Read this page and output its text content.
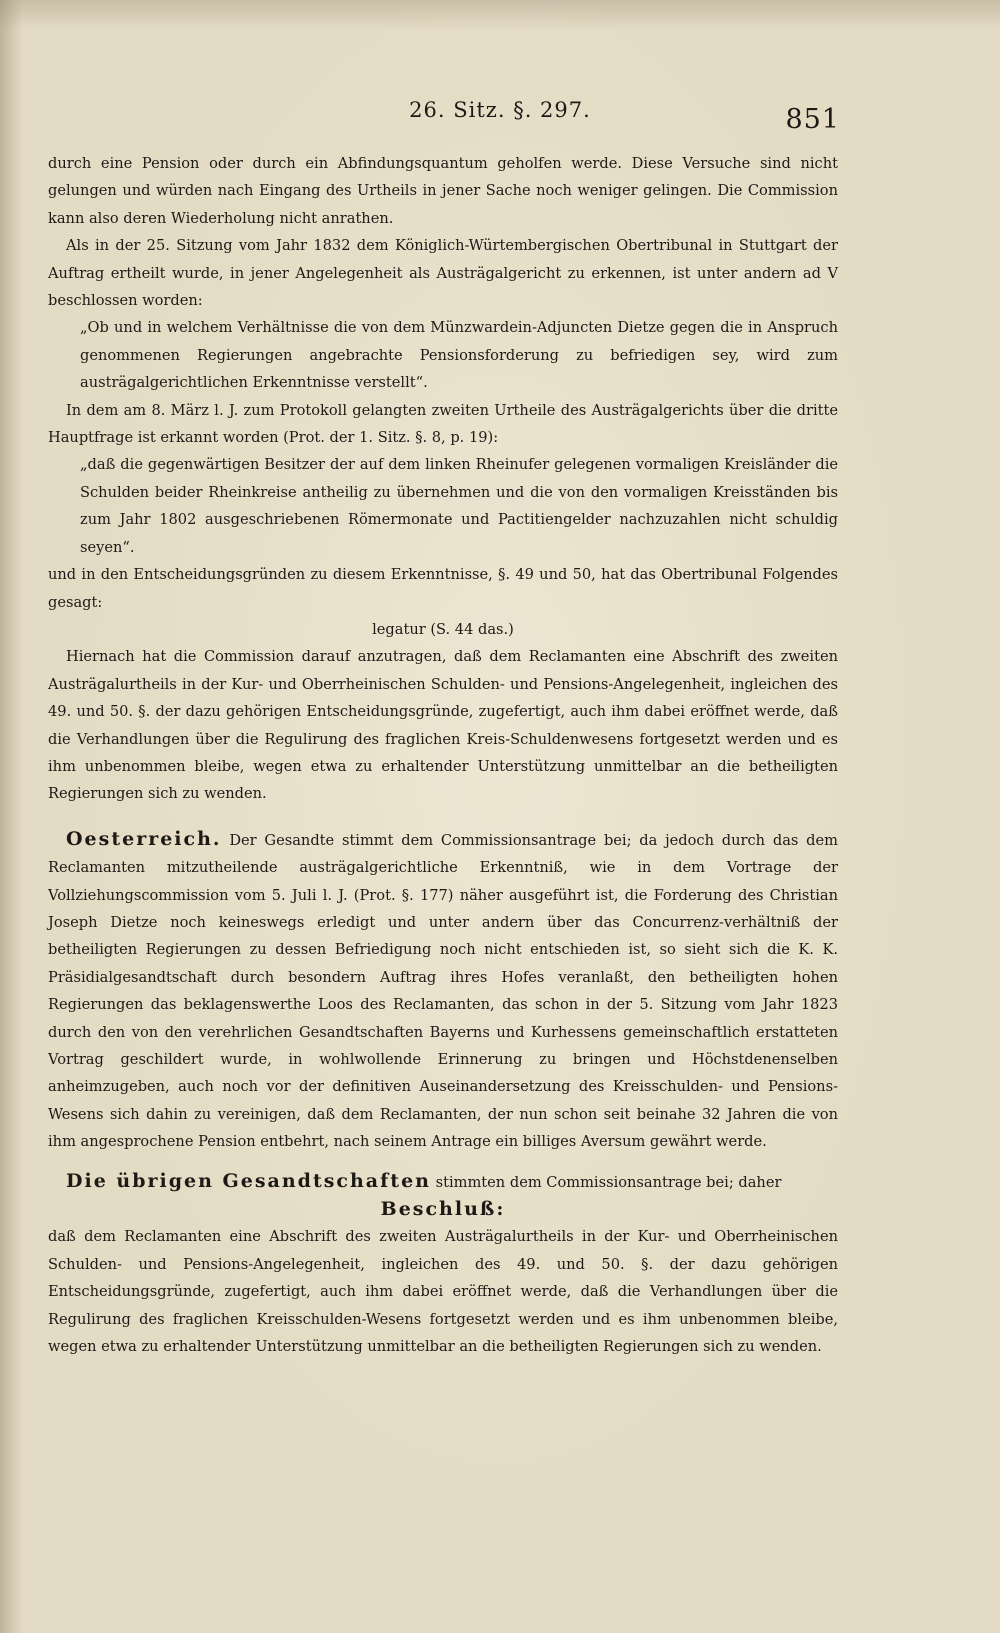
26. Sitz. §. 297.	851

durch eine Pension oder durch ein Abfindungsquantum geholfen werde. Diese Versuche sind nicht gelungen und würden nach Eingang des Urtheils in jener Sache noch weniger gelingen. Die Commission kann also deren Wiederholung nicht anrathen.

Als in der 25. Sitzung vom Jahr 1832 dem Königlich-Würtembergischen Obertribunal in Stuttgart der Auftrag ertheilt wurde, in jener Angelegenheit als Austrägalgericht zu erkennen, ist unter andern ad V beschlossen worden:

„Ob und in welchem Verhältnisse die von dem Münzwardein-Adjuncten Dietze gegen die in Anspruch genommenen Regierungen angebrachte Pensionsforderung zu befriedigen sey, wird zum austrägalgerichtlichen Erkenntnisse verstellt“.

In dem am 8. März l. J. zum Protokoll gelangten zweiten Urtheile des Austrägalgerichts über die dritte Hauptfrage ist erkannt worden (Prot. der 1. Sitz. §. 8, p. 19):

„daß die gegenwärtigen Besitzer der auf dem linken Rheinufer gelegenen vormaligen Kreisländer die Schulden beider Rheinkreise antheilig zu übernehmen und die von den vormaligen Kreisständen bis zum Jahr 1802 ausgeschriebenen Römermonate und Pactitiengelder nachzuzahlen nicht schuldig seyen“.

und in den Entscheidungsgründen zu diesem Erkenntnisse, §. 49 und 50, hat das Obertribunal Folgendes gesagt:

legatur (S. 44 das.)

Hiernach hat die Commission darauf anzutragen, daß dem Reclamanten eine Abschrift des zweiten Austrägalurtheils in der Kur- und Oberrheinischen Schulden- und Pensions-Angelegenheit, ingleichen des 49. und 50. §. der dazu gehörigen Entscheidungsgründe, zugefertigt, auch ihm dabei eröffnet werde, daß die Verhandlungen über die Regulirung des fraglichen Kreis-Schuldenwesens fortgesetzt werden und es ihm unbenommen bleibe, wegen etwa zu erhaltender Unterstützung unmittelbar an die betheiligten Regierungen sich zu wenden.

Oesterreich. Der Gesandte stimmt dem Commissionsantrage bei; da jedoch durch das dem Reclamanten mitzutheilende austrägalgerichtliche Erkenntniß, wie in dem Vortrage der Vollziehungscommission vom 5. Juli l. J. (Prot. §. 177) näher ausgeführt ist, die Forderung des Christian Joseph Dietze noch keineswegs erledigt und unter andern über das Concurrenz-verhältniß der betheiligten Regierungen zu dessen Befriedigung noch nicht entschieden ist, so sieht sich die K. K. Präsidialgesandtschaft durch besondern Auftrag ihres Hofes veranlaßt, den betheiligten hohen Regierungen das beklagenswerthe Loos des Reclamanten, das schon in der 5. Sitzung vom Jahr 1823 durch den von den verehrlichen Gesandtschaften Bayerns und Kurhessens gemeinschaftlich erstatteten Vortrag geschildert wurde, in wohlwollende Erinnerung zu bringen und Höchstdenenselben anheimzugeben, auch noch vor der definitiven Auseinandersetzung des Kreisschulden- und Pensions-Wesens sich dahin zu vereinigen, daß dem Reclamanten, der nun schon seit beinahe 32 Jahren die von ihm angesprochene Pension entbehrt, nach seinem Antrage ein billiges Aversum gewährt werde.

Die übrigen Gesandtschaften stimmten dem Commissionsantrage bei; daher

Beschluß:

daß dem Reclamanten eine Abschrift des zweiten Austrägalurtheils in der Kur- und Oberrheinischen Schulden- und Pensions-Angelegenheit, ingleichen des 49. und 50. §. der dazu gehörigen Entscheidungsgründe, zugefertigt, auch ihm dabei eröffnet werde, daß die Verhandlungen über die Regulirung des fraglichen Kreisschulden-Wesens fortgesetzt werden und es ihm unbenommen bleibe, wegen etwa zu erhaltender Unterstützung unmittelbar an die betheiligten Regierungen sich zu wenden.
